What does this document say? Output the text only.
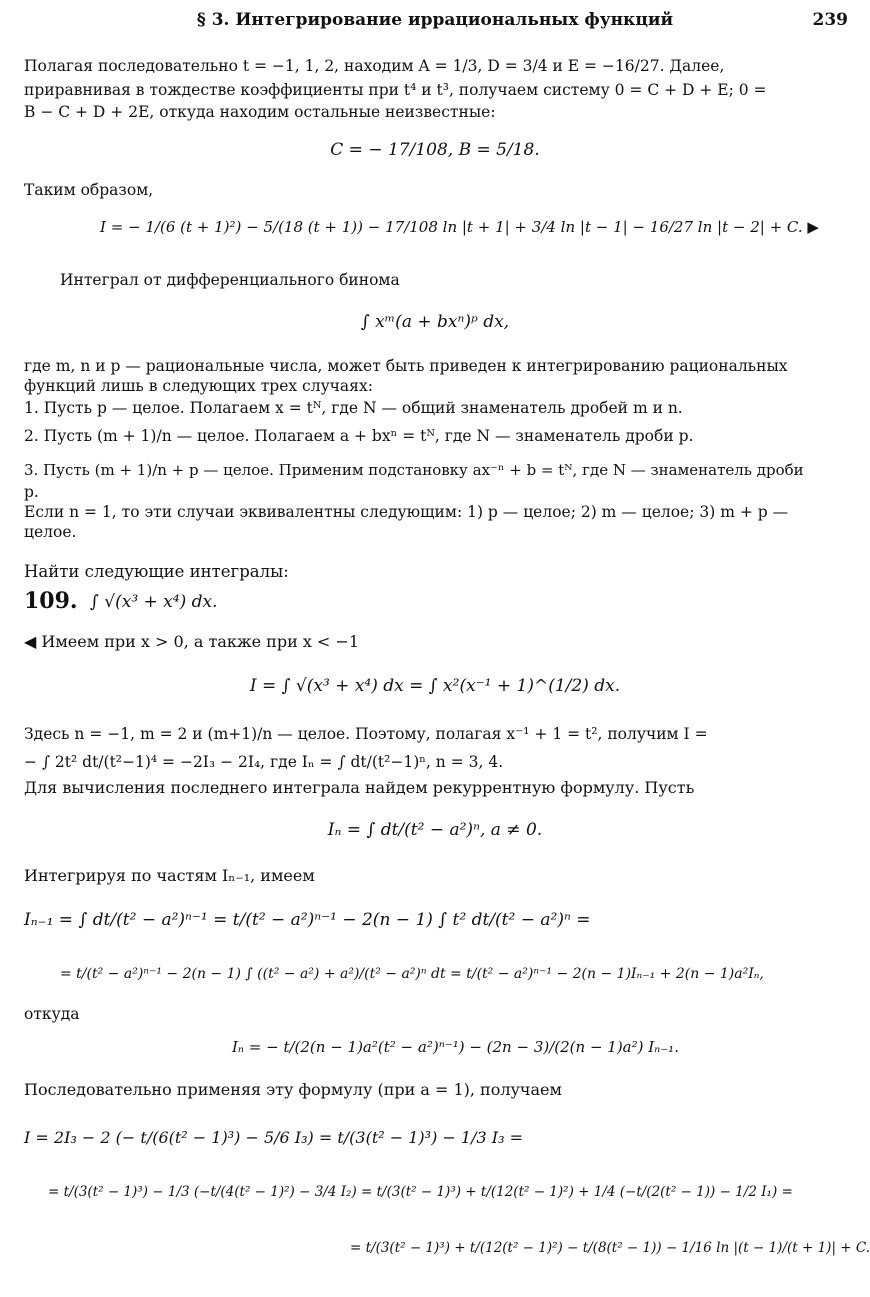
§ 3. Интегрирование иррациональных функций	239
Полагая последовательно t = −1, 1, 2, находим A = 1/3, D = 3/4 и E = −16/27. Далее,
приравнивая в тождестве коэффициенты при t⁴ и t³, получаем систему 0 = C + D + E; 0 =
B − C + D + 2E, откуда находим остальные неизвестные:
C = − 17/108, B = 5/18.
Таким образом,
I = − 1/(6 (t + 1)²) − 5/(18 (t + 1)) − 17/108 ln |t + 1| + 3/4 ln |t − 1| − 16/27 ln |t − 2| + C. ▶
Интеграл от дифференциального бинома
∫ xᵐ(a + bxⁿ)ᵖ dx,
где m, n и p — рациональные числа, может быть приведен к интегрированию рациональных
функций лишь в следующих трех случаях:
1. Пусть p — целое. Полагаем x = tᴺ, где N — общий знаменатель дробей m и n.
2. Пусть (m + 1)/n — целое. Полагаем a + bxⁿ = tᴺ, где N — знаменатель дроби p.
3. Пусть (m + 1)/n + p — целое. Применим подстановку ax⁻ⁿ + b = tᴺ, где N — знаменатель дроби
p.
Если n = 1, то эти случаи эквивалентны следующим: 1) p — целое; 2) m — целое; 3) m + p —
целое.
Найти следующие интегралы:
109. ∫ √(x³ + x⁴) dx.
◀ Имеем при x > 0, а также при x < −1
I = ∫ √(x³ + x⁴) dx = ∫ x²(x⁻¹ + 1)^(1/2) dx.
Здесь n = −1, m = 2 и (m+1)/n — целое. Поэтому, полагая x⁻¹ + 1 = t², получим I =
− ∫ 2t² dt/(t²−1)⁴ = −2I₃ − 2I₄, где Iₙ = ∫ dt/(t²−1)ⁿ, n = 3, 4.
Для вычисления последнего интеграла найдем рекуррентную формулу. Пусть
Iₙ = ∫ dt/(t² − a²)ⁿ, a ≠ 0.
Интегрируя по частям Iₙ₋₁, имеем
Iₙ₋₁ = ∫ dt/(t² − a²)ⁿ⁻¹ = t/(t² − a²)ⁿ⁻¹ − 2(n − 1) ∫ t² dt/(t² − a²)ⁿ =
= t/(t² − a²)ⁿ⁻¹ − 2(n − 1) ∫ ((t² − a²) + a²)/(t² − a²)ⁿ dt = t/(t² − a²)ⁿ⁻¹ − 2(n − 1)Iₙ₋₁ + 2(n − 1)a²Iₙ,
откуда
Iₙ = − t/(2(n − 1)a²(t² − a²)ⁿ⁻¹) − (2n − 3)/(2(n − 1)a²) Iₙ₋₁.
Последовательно применяя эту формулу (при a = 1), получаем
I = 2I₃ − 2 (− t/(6(t² − 1)³) − 5/6 I₃) = t/(3(t² − 1)³) − 1/3 I₃ =
= t/(3(t² − 1)³) − 1/3 (−t/(4(t² − 1)²) − 3/4 I₂) = t/(3(t² − 1)³) + t/(12(t² − 1)²) + 1/4 (−t/(2(t² − 1)) − 1/2 I₁) =
= t/(3(t² − 1)³) + t/(12(t² − 1)²) − t/(8(t² − 1)) − 1/16 ln |(t − 1)/(t + 1)| + C.
